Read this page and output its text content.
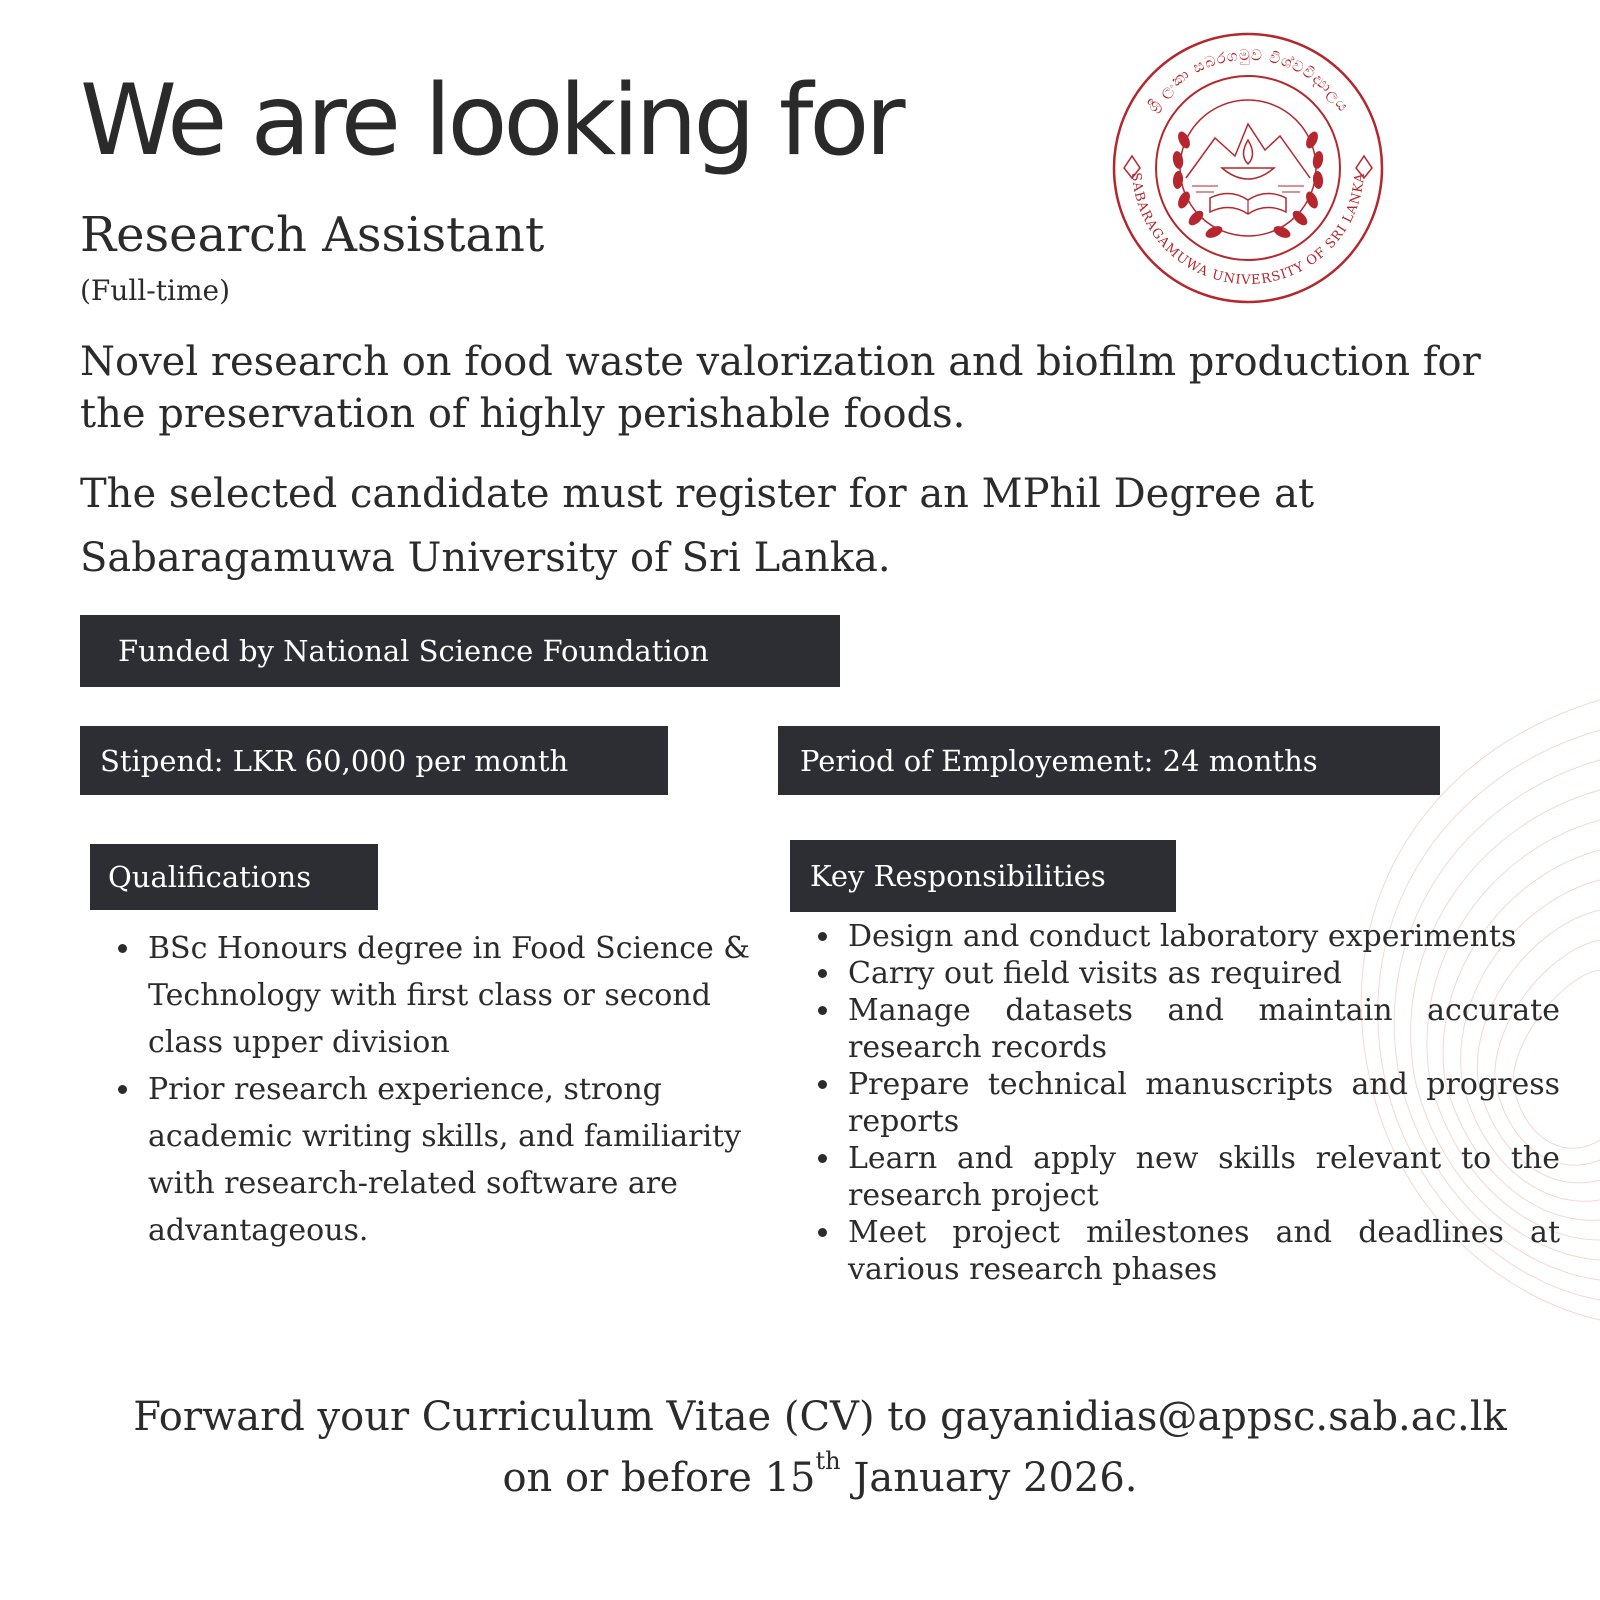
We are looking for	ශ්‍රී ලංකා සබරගමුව විශ්වවිද්‍යාලය
SABARAGAMUWA UNIVERSITY OF SRI LANKA
Research Assistant
(Full-time)

Novel research on food waste valorization and biofilm production for the preservation of highly perishable foods.

The selected candidate must register for an MPhil Degree at Sabaragamuwa University of Sri Lanka.

Funded by National Science Foundation
Stipend: LKR 60,000 per month	Period of Employement: 24 months
Qualifications	Key Responsibilities
BSc Honours degree in Food Science & Technology with first class or second class upper division
Prior research experience, strong academic writing skills, and familiarity with research-related software are advantageous.
Design and conduct laboratory experiments
Carry out field visits as required
Manage datasets and maintain accurate research records
Prepare technical manuscripts and progress reports
Learn and apply new skills relevant to the research project
Meet project milestones and deadlines at various research phases

Forward your Curriculum Vitae (CV) to gayanidias@appsc.sab.ac.lk

on or before 15th January 2026.
